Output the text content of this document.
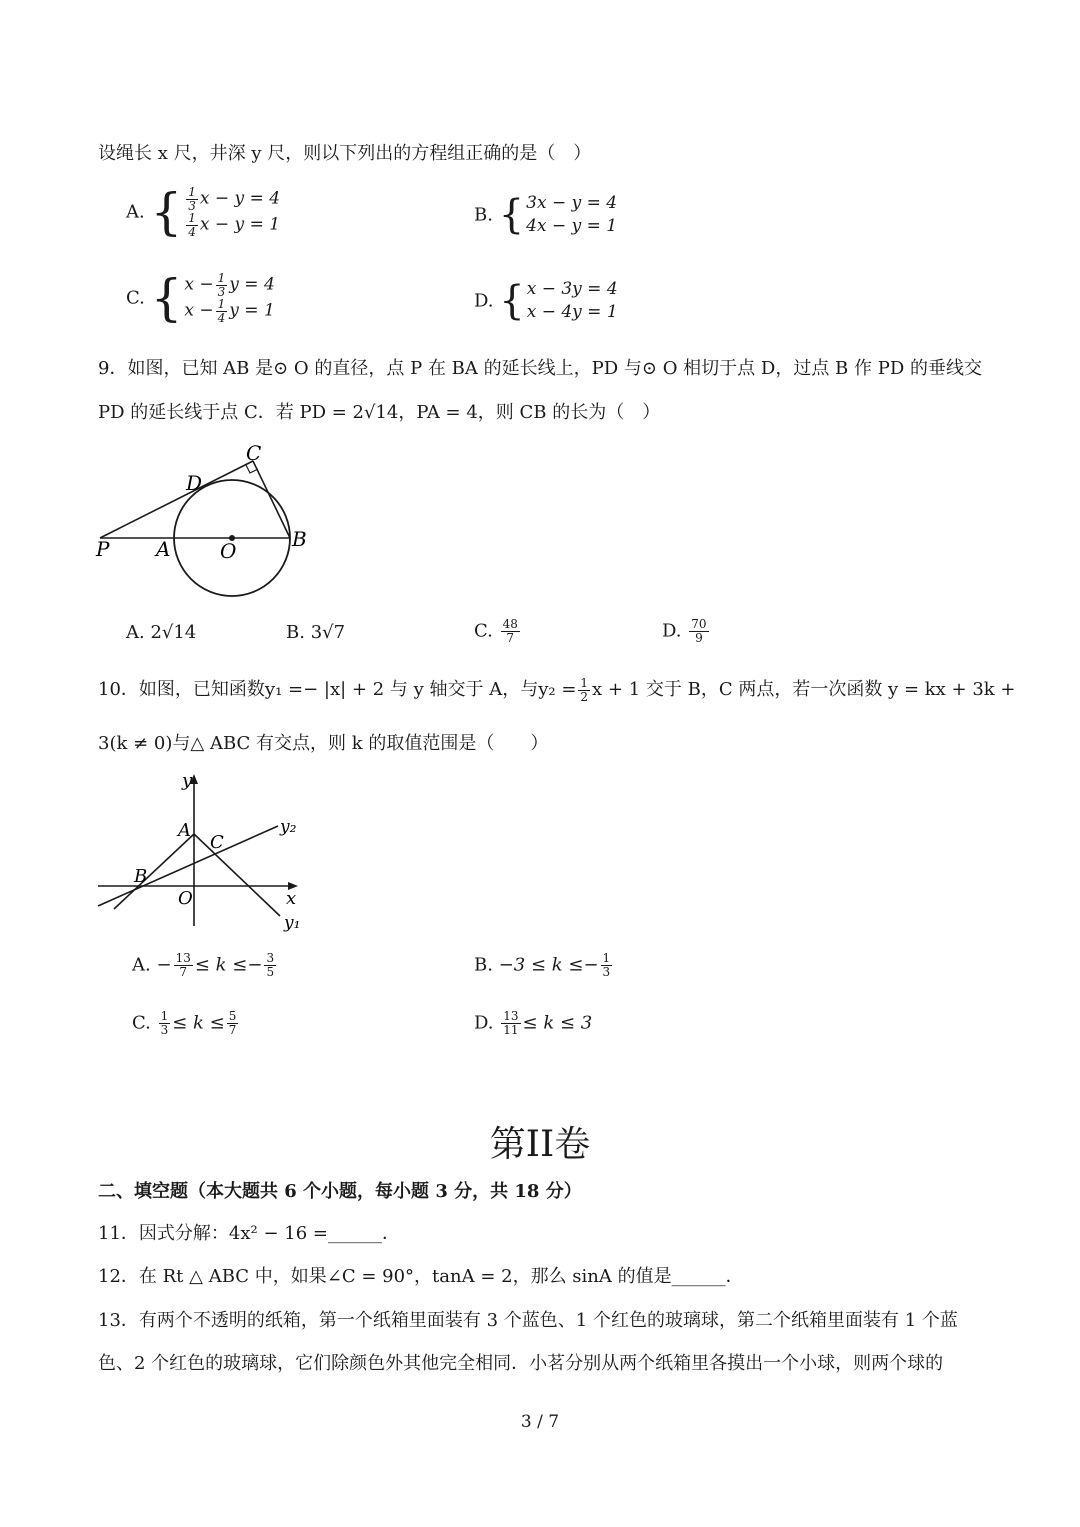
设绳长 x 尺，井深 y 尺，则以下列出的方程组正确的是（　）
A. { $\frac{1}{3}$ x − y = 4
$\frac{1}{4}$ x − y = 1	B. { 3x − y = 4
4x − y = 1
C. { $x - \frac{1}{3}$ y = 4
$x - \frac{1}{4}$ y = 1	D. { x − 3y = 4
x − 4y = 1
9．如图，已知 AB 是⊙ O 的直径，点 P 在 BA 的延长线上，PD 与⊙ O 相切于点 D，过点 B 作 PD 的垂线交
PD 的延长线于点 C．若 PD = 2√14，PA = 4，则 CB 的长为（　）
C
D
P A O	B
A. 2√14	B. 3√7	C. $\frac{48}{7}$	D. $\frac{70}{9}$
10．如图，已知函数y₁ =− |x| + 2 与 y 轴交于 A，与$y_2 = \frac{1}{2}$ x + 1 交于 B，C 两点，若一次函数 y = kx + 3k +
3(k ≠ 0)与△ ABC 有交点，则 k 的取值范围是（　　）
y
y₂
A
C
B
O	x
y₁
A. − $\frac{13}{7} \le k \le- \frac{3}{5}$	B. $-3 \le k \le- \frac{1}{3}$
C. $\frac{1}{3} \le k \le \frac{5}{7}$	D. $\frac{13}{11} \le k \le 3$
第II卷
二、填空题（本大题共 6 个小题，每小题 3 分，共 18 分）
11．因式分解：4x² − 16 =______．
12．在 Rt △ ABC 中，如果∠C = 90°，tanA = 2，那么 sinA 的值是______．
13．有两个不透明的纸箱，第一个纸箱里面装有 3 个蓝色、1 个红色的玻璃球，第二个纸箱里面装有 1 个蓝
色、2 个红色的玻璃球，它们除颜色外其他完全相同．小茗分别从两个纸箱里各摸出一个小球，则两个球的
3 / 7
